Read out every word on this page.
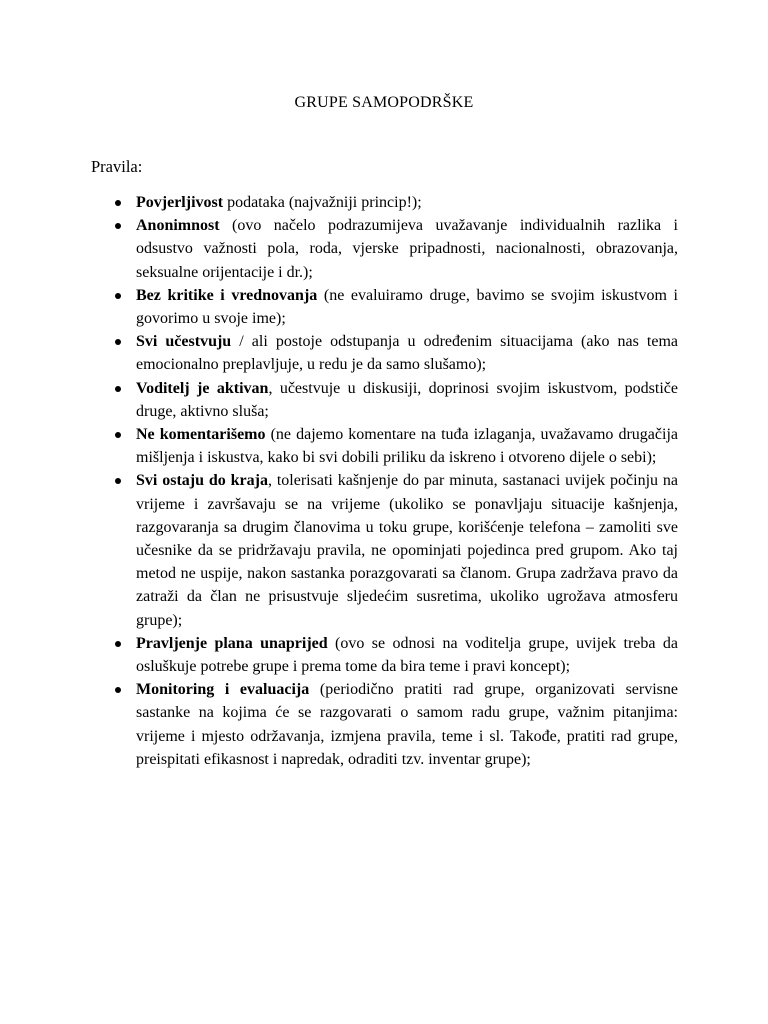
GRUPE SAMOPODRŠKE
Pravila:
Povjerljivost podataka (najvažniji princip!);
Anonimnost (ovo načelo podrazumijeva uvažavanje individualnih razlika i odsustvo važnosti pola, roda, vjerske pripadnosti, nacionalnosti, obrazovanja, seksualne orijentacije i dr.);
Bez kritike i vrednovanja (ne evaluiramo druge, bavimo se svojim iskustvom i govorimo u svoje ime);
Svi učestvuju / ali postoje odstupanja u određenim situacijama (ako nas tema emocionalno preplavljuje, u redu je da samo slušamo);
Voditelj je aktivan, učestvuje u diskusiji, doprinosi svojim iskustvom, podstiče druge, aktivno sluša;
Ne komentarišemo (ne dajemo komentare na tuđa izlaganja, uvažavamo drugačija mišljenja i iskustva, kako bi svi dobili priliku da iskreno i otvoreno dijele o sebi);
Svi ostaju do kraja, tolerisati kašnjenje do par minuta, sastanaci uvijek počinju na vrijeme i završavaju se na vrijeme (ukoliko se ponavljaju situacije kašnjenja, razgovaranja sa drugim članovima u toku grupe, korišćenje telefona – zamoliti sve učesnike da se pridržavaju pravila, ne opominjati pojedinca pred grupom. Ako taj metod ne uspije, nakon sastanka porazgovarati sa članom. Grupa zadržava pravo da zatraži da član ne prisustvuje sljedećim susretima, ukoliko ugrožava atmosferu grupe);
Pravljenje plana unaprijed (ovo se odnosi na voditelja grupe, uvijek treba da osluškuje potrebe grupe i prema tome da bira teme i pravi koncept);
Monitoring i evaluacija (periodično pratiti rad grupe, organizovati servisne sastanke na kojima će se razgovarati o samom radu grupe, važnim pitanjima: vrijeme i mjesto održavanja, izmjena pravila, teme i sl. Takođe, pratiti rad grupe, preispitati efikasnost i napredak, odraditi tzv. inventar grupe);
